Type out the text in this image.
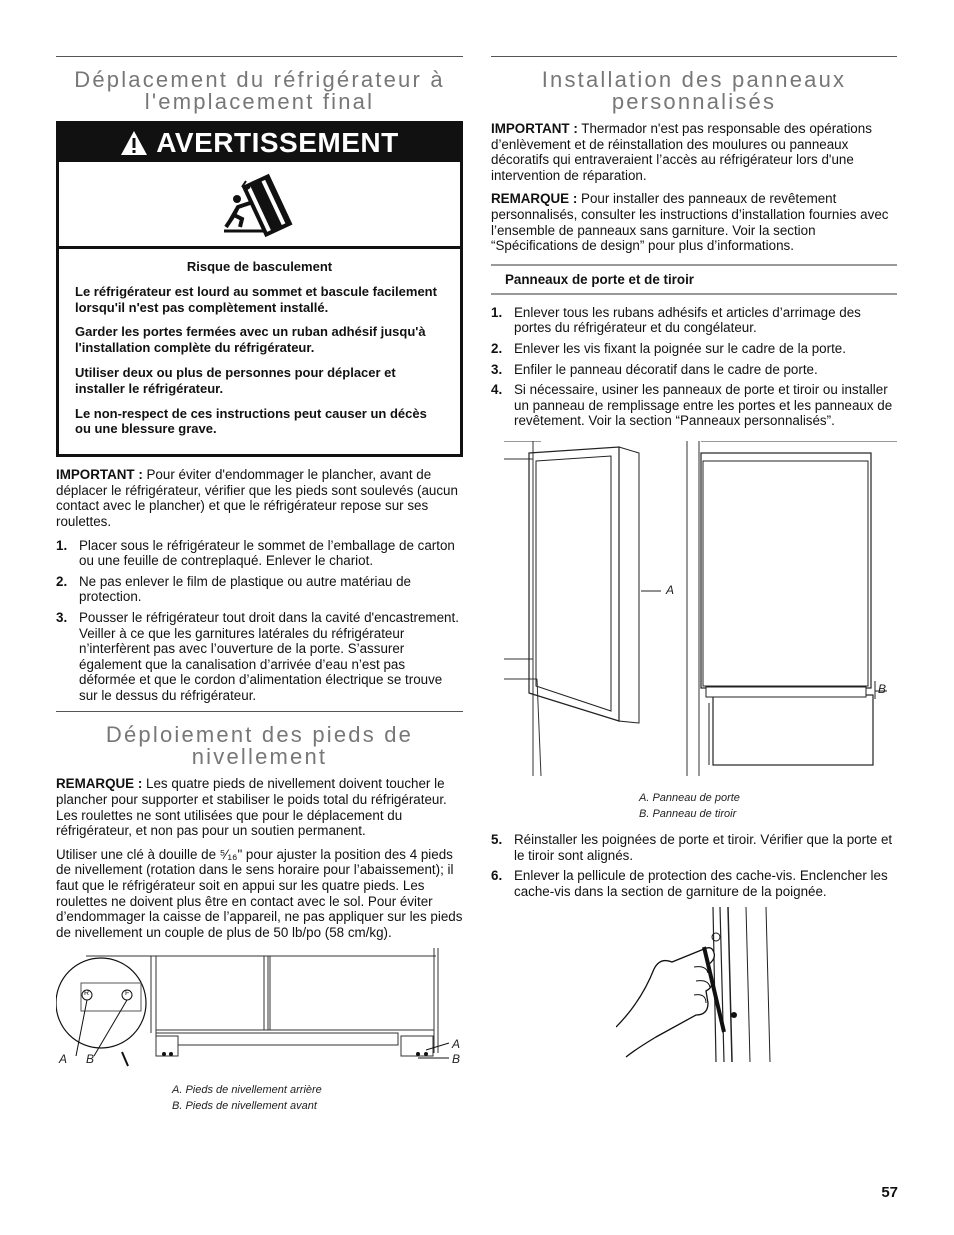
Déplacement du réfrigérateur à l'emplacement final
AVERTISSEMENT

Risque de basculement

Le réfrigérateur est lourd au sommet et bascule facilement lorsqu'il n'est pas complètement installé.

Garder les portes fermées avec un ruban adhésif jusqu'à l'installation complète du réfrigérateur.

Utiliser deux ou plus de personnes pour déplacer et installer le réfrigérateur.

Le non-respect de ces instructions peut causer un décès ou une blessure grave.

IMPORTANT : Pour éviter d'endommager le plancher, avant de déplacer le réfrigérateur, vérifier que les pieds sont soulevés (aucun contact avec le plancher) et que le réfrigérateur repose sur ses roulettes.

1. Placer sous le réfrigérateur le sommet de l’emballage de carton ou une feuille de contreplaqué. Enlever le chariot.
2. Ne pas enlever le film de plastique ou autre matériau de protection.
3. Pousser le réfrigérateur tout droit dans la cavité d'encastrement. Veiller à ce que les garnitures latérales du réfrigérateur n’interfèrent pas avec l’ouverture de la porte. S’assurer également que la canalisation d’arrivée d’eau n’est pas déformée et que le cordon d’alimentation électrique se trouve sur le dessus du réfrigérateur.
Déploiement des pieds de nivellement

REMARQUE : Les quatre pieds de nivellement doivent toucher le plancher pour supporter et stabiliser le poids total du réfrigérateur. Les roulettes ne sont utilisées que pour le déplacement du réfrigérateur, et non pas pour un soutien permanent.

Utiliser une clé à douille de ⁵⁄₁₆" pour ajuster la position des 4 pieds de nivellement (rotation dans le sens horaire pour l’abaissement); il faut que le réfrigérateur soit en appui sur les quatre pieds. Les roulettes ne doivent plus être en contact avec le sol. Pour éviter d’endommager la caisse de l’appareil, ne pas appliquer sur les pieds de nivellement un couple de plus de 50 lb/po (58 cm/kg).

R	F
A B
A
B
A. Pieds de nivellement arrière
B. Pieds de nivellement avant
Installation des panneaux personnalisés

IMPORTANT : Thermador n'est pas responsable des opérations d’enlèvement et de réinstallation des moulures ou panneaux décoratifs qui entraveraient l’accès au réfrigérateur lors d'une intervention de réparation.

REMARQUE : Pour installer des panneaux de revêtement personnalisés, consulter les instructions d’installation fournies avec l’ensemble de panneaux sans garniture. Voir la section “Spécifications de design” pour plus d’informations.

Panneaux de porte et de tiroir
1. Enlever tous les rubans adhésifs et articles d’arrimage des portes du réfrigérateur et du congélateur.
2. Enlever les vis fixant la poignée sur le cadre de la porte.
3. Enfiler le panneau décoratif dans le cadre de porte.
4. Si nécessaire, usiner les panneaux de porte et tiroir ou installer un panneau de remplissage entre les portes et les panneaux de revêtement. Voir la section “Panneaux personnalisés”.
A
B
A. Panneau de porte
B. Panneau de tiroir
5. Réinstaller les poignées de porte et tiroir. Vérifier que la porte et le tiroir sont alignés.
6. Enlever la pellicule de protection des cache-vis. Enclencher les cache-vis dans la section de garniture de la poignée.
57
